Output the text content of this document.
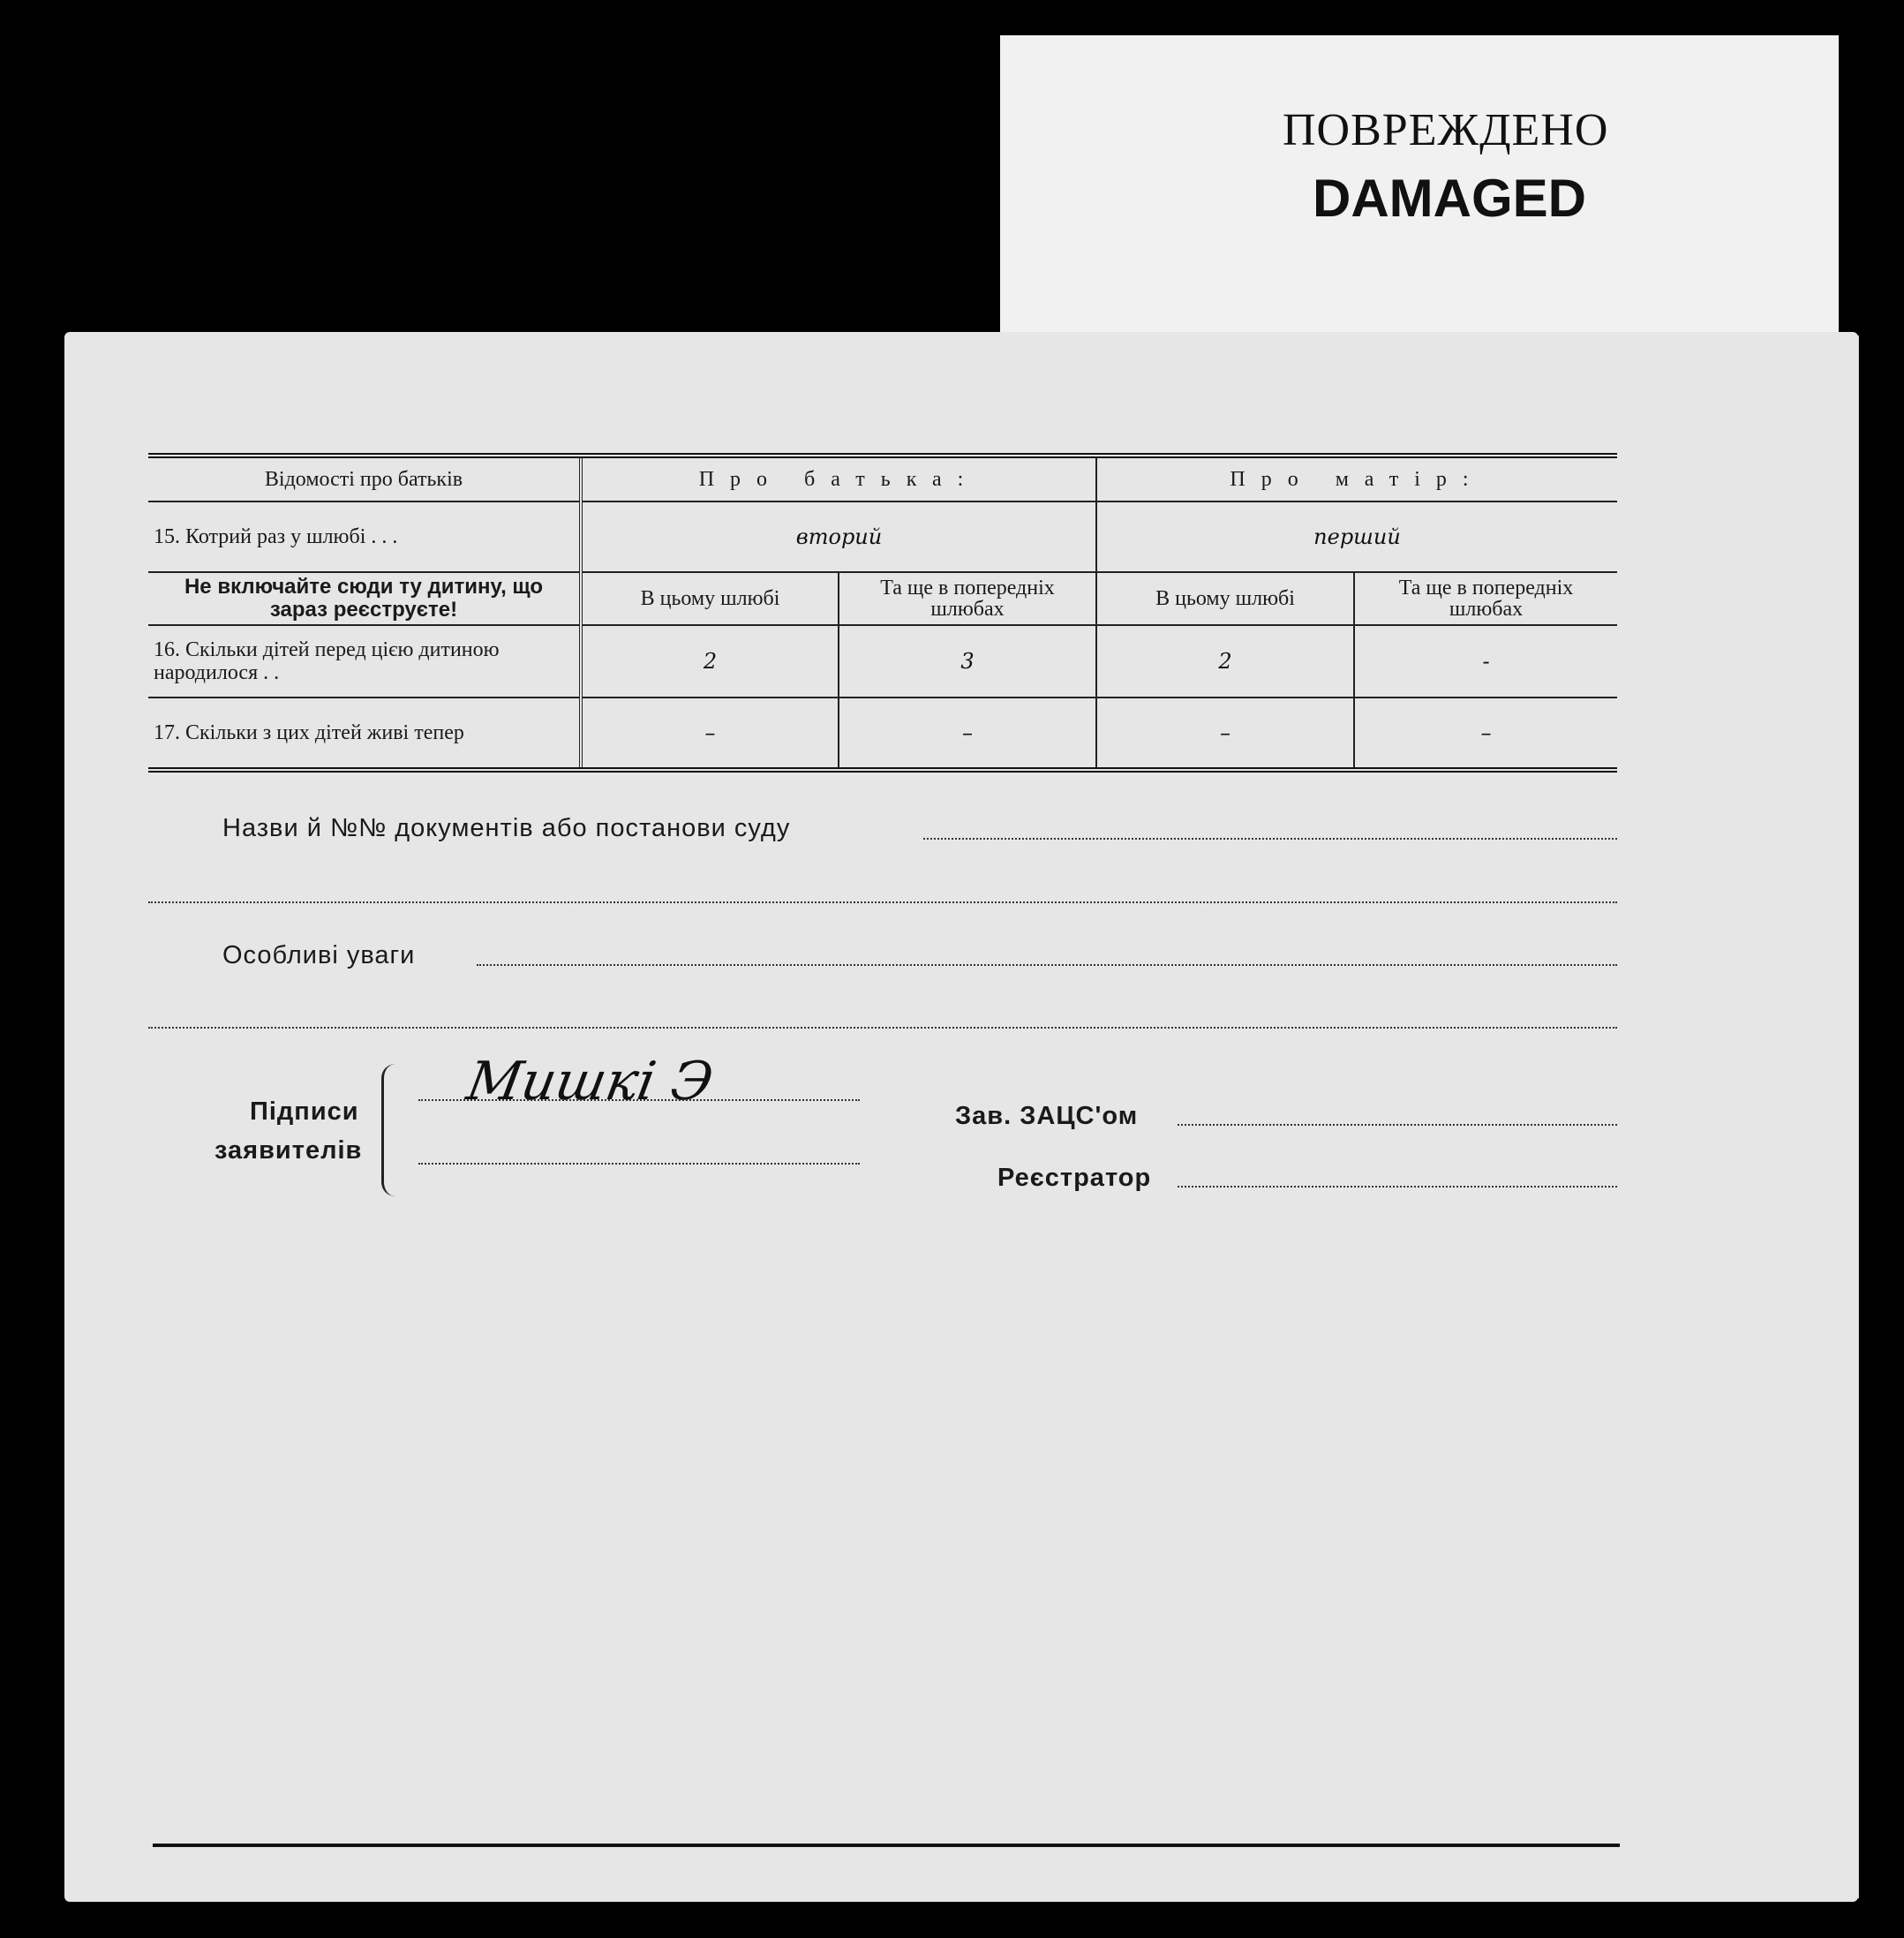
ПОВРЕЖДЕНО
DAMAGED
Відомості про батьків	Про батька:		Про матір:	
15. Котрий раз у шлюбі . . .	вторий		перший	
Не включайте сюди ту дитину, що зараз реєструєте!	В цьому шлюбі	Та ще в попередніх шлюбах	В цьому шлюбі	Та ще в попередніх шлюбах
16. Скільки дітей перед цією дитиною народилося . .	2	3	2	-
17. Скільки з цих дітей живі тепер	–	–	–	–
Назви й №№ документів або постанови суду
Особливі уваги
Підписи
заявителів
Мишкі Э
Зав. ЗАЦС'ом
Реєстратор
